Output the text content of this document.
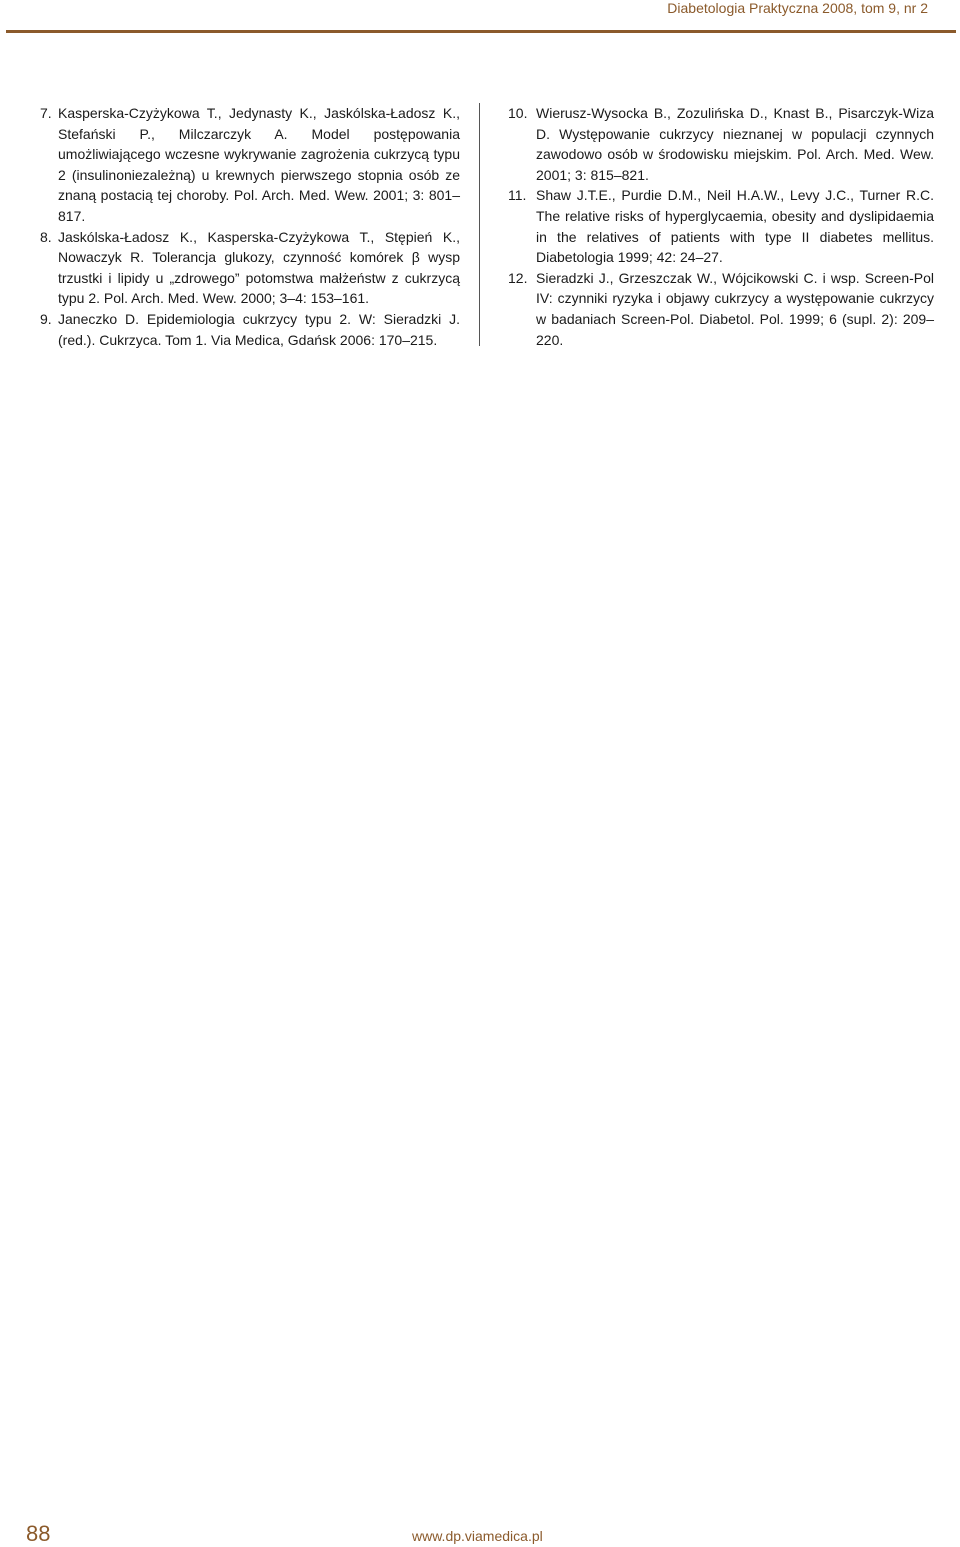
Diabetologia Praktyczna 2008, tom 9, nr 2
7. Kasperska-Czyżykowa T., Jedynasty K., Jaskólska-Ładosz K., Stefański P., Milczarczyk A. Model postępowania umożliwiającego wczesne wykrywanie zagrożenia cukrzycą typu 2 (insulinoniezależną) u krewnych pierwszego stopnia osób ze znaną postacią tej choroby. Pol. Arch. Med. Wew. 2001; 3: 801–817.
8. Jaskólska-Ładosz K., Kasperska-Czyżykowa T., Stępień K., Nowaczyk R. Tolerancja glukozy, czynność komórek β wysp trzustki i lipidy u „zdrowego” potomstwa małżeństw z cukrzycą typu 2. Pol. Arch. Med. Wew. 2000; 3–4: 153–161.
9. Janeczko D. Epidemiologia cukrzycy typu 2. W: Sieradzki J. (red.). Cukrzyca. Tom 1. Via Medica, Gdańsk 2006: 170–215.
10. Wierusz-Wysocka B., Zozulińska D., Knast B., Pisarczyk-Wiza D. Występowanie cukrzycy nieznanej w populacji czynnych zawodowo osób w środowisku miejskim. Pol. Arch. Med. Wew. 2001; 3: 815–821.
11. Shaw J.T.E., Purdie D.M., Neil H.A.W., Levy J.C., Turner R.C. The relative risks of hyperglycaemia, obesity and dyslipidaemia in the relatives of patients with type II diabetes mellitus. Diabetologia 1999; 42: 24–27.
12. Sieradzki J., Grzeszczak W., Wójcikowski C. i wsp. Screen-Pol IV: czynniki ryzyka i objawy cukrzycy a występowanie cukrzycy w badaniach Screen-Pol. Diabetol. Pol. 1999; 6 (supl. 2): 209–220.
88	www.dp.viamedica.pl
